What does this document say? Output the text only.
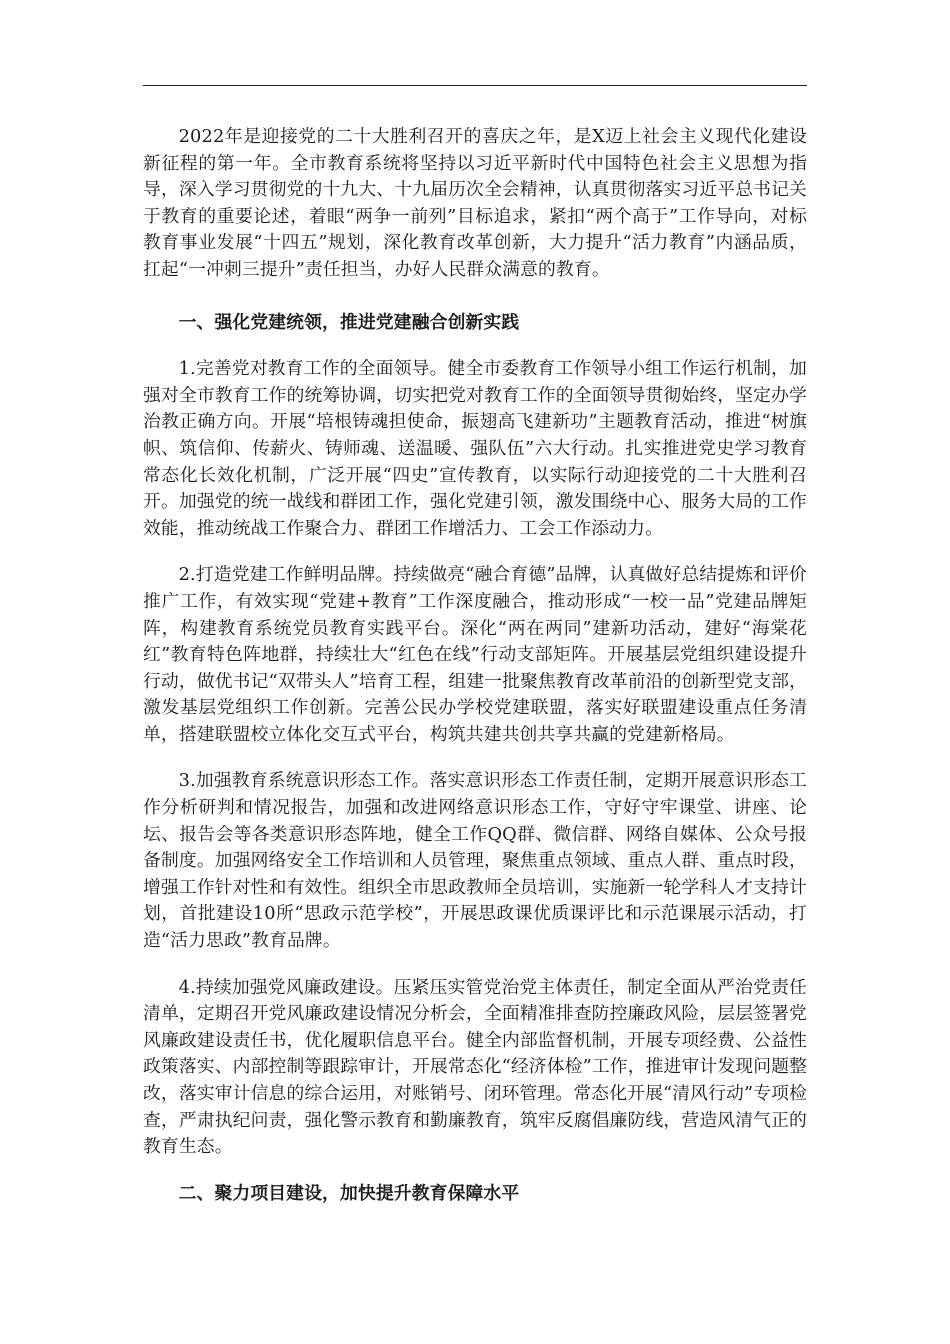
2022年是迎接党的二十大胜利召开的喜庆之年，是X迈上社会主义现代化建设新征程的第一年。全市教育系统将坚持以习近平新时代中国特色社会主义思想为指导，深入学习贯彻党的十九大、十九届历次全会精神，认真贯彻落实习近平总书记关于教育的重要论述，着眼“两争一前列”目标追求，紧扣“两个高于”工作导向，对标教育事业发展“十四五”规划，深化教育改革创新，大力提升“活力教育”内涵品质，扛起“一冲刺三提升”责任担当，办好人民群众满意的教育。

一、强化党建统领，推进党建融合创新实践

1.完善党对教育工作的全面领导。健全市委教育工作领导小组工作运行机制，加强对全市教育工作的统筹协调，切实把党对教育工作的全面领导贯彻始终，坚定办学治教正确方向。开展“培根铸魂担使命，振翅高飞建新功”主题教育活动，推进“树旗帜、筑信仰、传薪火、铸师魂、送温暖、强队伍”六大行动。扎实推进党史学习教育常态化长效化机制，广泛开展“四史”宣传教育，以实际行动迎接党的二十大胜利召开。加强党的统一战线和群团工作，强化党建引领，激发围绕中心、服务大局的工作效能，推动统战工作聚合力、群团工作增活力、工会工作添动力。

2.打造党建工作鲜明品牌。持续做亮“融合育德”品牌，认真做好总结提炼和评价推广工作，有效实现“党建+教育”工作深度融合，推动形成“一校一品”党建品牌矩阵，构建教育系统党员教育实践平台。深化“两在两同”建新功活动，建好“海棠花红”教育特色阵地群，持续壮大“红色在线”行动支部矩阵。开展基层党组织建设提升行动，做优书记“双带头人”培育工程，组建一批聚焦教育改革前沿的创新型党支部，激发基层党组织工作创新。完善公民办学校党建联盟，落实好联盟建设重点任务清单，搭建联盟校立体化交互式平台，构筑共建共创共享共赢的党建新格局。

3.加强教育系统意识形态工作。落实意识形态工作责任制，定期开展意识形态工作分析研判和情况报告，加强和改进网络意识形态工作，守好守牢课堂、讲座、论坛、报告会等各类意识形态阵地，健全工作QQ群、微信群、网络自媒体、公众号报备制度。加强网络安全工作培训和人员管理，聚焦重点领域、重点人群、重点时段，增强工作针对性和有效性。组织全市思政教师全员培训，实施新一轮学科人才支持计划，首批建设10所“思政示范学校”，开展思政课优质课评比和示范课展示活动，打造“活力思政”教育品牌。

4.持续加强党风廉政建设。压紧压实管党治党主体责任，制定全面从严治党责任清单，定期召开党风廉政建设情况分析会，全面精准排查防控廉政风险，层层签署党风廉政建设责任书，优化履职信息平台。健全内部监督机制，开展专项经费、公益性政策落实、内部控制等跟踪审计，开展常态化“经济体检”工作，推进审计发现问题整改，落实审计信息的综合运用，对账销号、闭环管理。常态化开展“清风行动”专项检查，严肃执纪问责，强化警示教育和勤廉教育，筑牢反腐倡廉防线，营造风清气正的教育生态。

二、聚力项目建设，加快提升教育保障水平
